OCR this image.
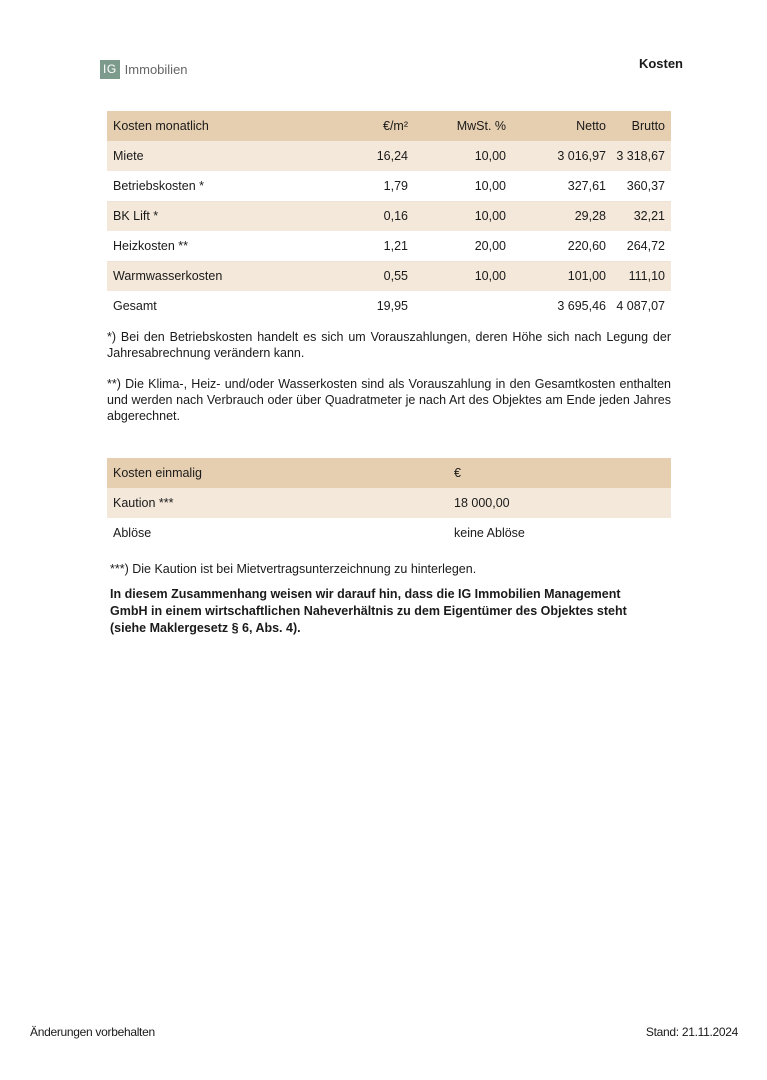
IG Immobilien	Kosten
Kosten monatlich	€/m²	MwSt. %	Netto	Brutto
Miete	16,24	10,00	3 016,97	3 318,67
Betriebskosten *	1,79	10,00	327,61	360,37
BK Lift *	0,16	10,00	29,28	32,21
Heizkosten **	1,21	20,00	220,60	264,72
Warmwasserkosten	0,55	10,00	101,00	111,10
Gesamt	19,95		3 695,46	4 087,07

*) Bei den Betriebskosten handelt es sich um Vorauszahlungen, deren Höhe sich nach Legung der Jahresabrechnung verändern kann.

**) Die Klima-, Heiz- und/oder Wasserkosten sind als Vorauszahlung in den Gesamtkosten enthalten und werden nach Verbrauch oder über Quadratmeter je nach Art des Objektes am Ende jeden Jahres abgerechnet.

Kosten einmalig	€
Kaution ***	18 000,00
Ablöse	keine Ablöse

***) Die Kaution ist bei Mietvertragsunterzeichnung zu hinterlegen.

In diesem Zusammenhang weisen wir darauf hin, dass die IG Immobilien Management GmbH in einem wirtschaftlichen Naheverhältnis zu dem Eigentümer des Objektes steht (siehe Maklergesetz § 6, Abs. 4).

Änderungen vorbehalten	Stand: 21.11.2024
